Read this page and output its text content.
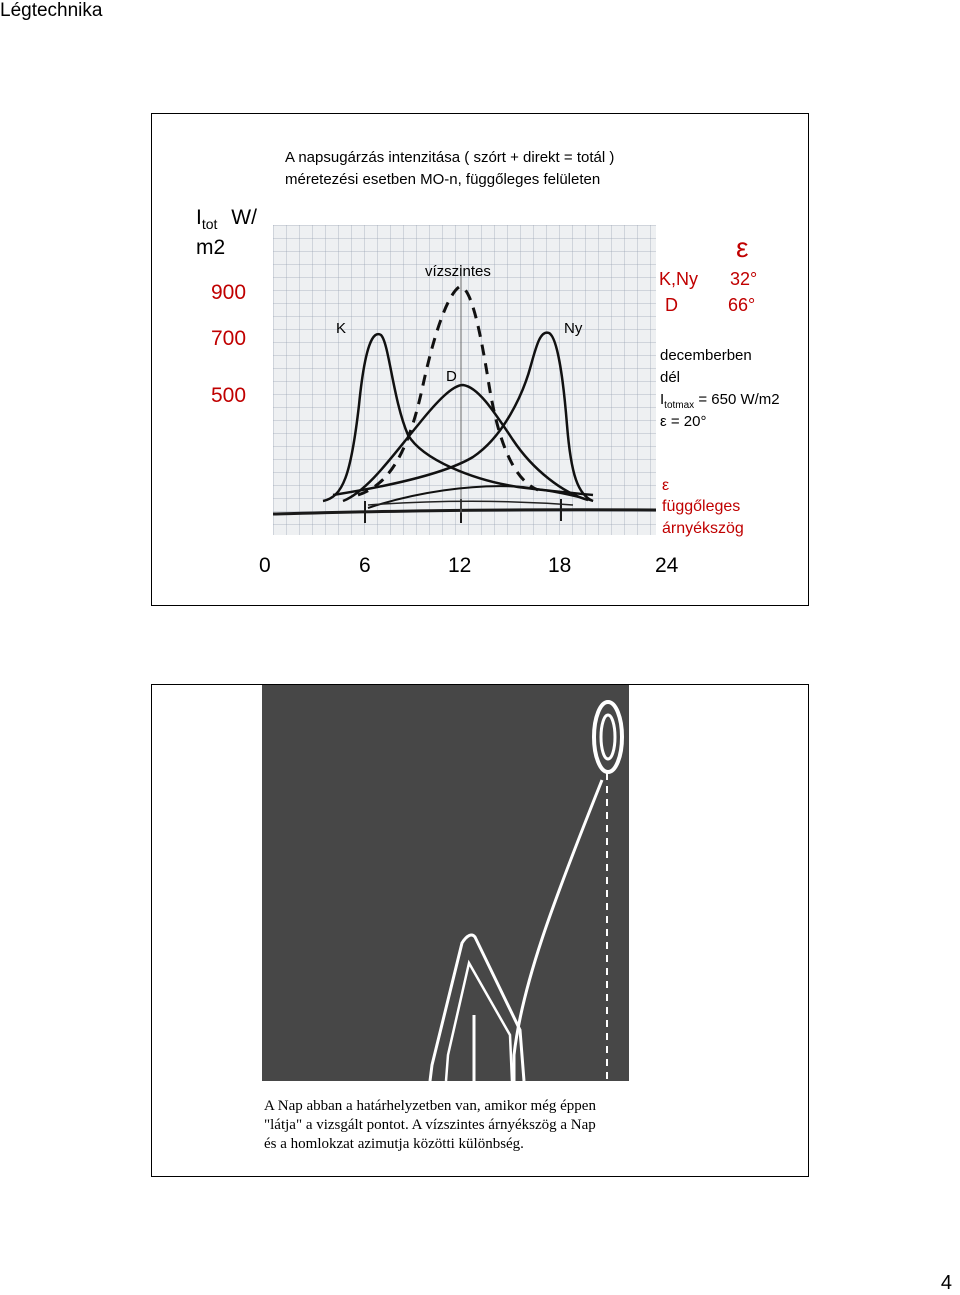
Légtechnika
4
A napsugárzás intenzitása ( szórt + direkt = totál )
méretezési esetben MO-n, függőleges felületen
$I_{tot}$ W/
m2
900
700
500
K
vízszintes
D
Ny
0	6	12	18	24
ε
K,Ny 32°
D	66°
decemberben
dél
$I_{totmax} = 650$ W/m2
ε = 20°
ε
függőleges
árnyékszög
A Nap abban a határhelyzetben van, amikor még éppen
"látja" a vizsgált pontot. A vízszintes árnyékszög a Nap
és a homlokzat azimutja közötti különbség.
